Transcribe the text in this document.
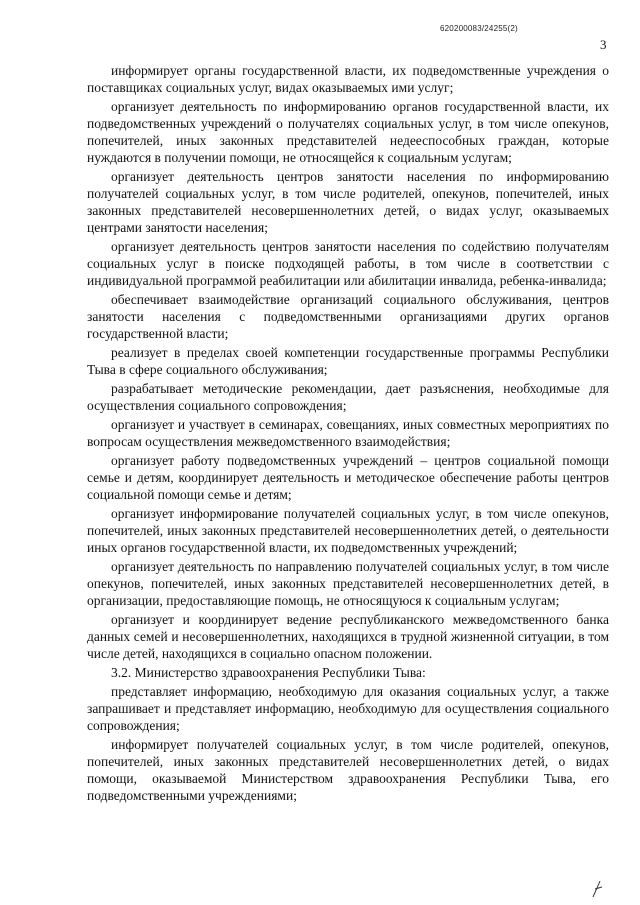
620200083/24255(2)
3

информирует органы государственной власти, их подведомственные учреждения о поставщиках социальных услуг, видах оказываемых ими услуг;

организует деятельность по информированию органов государственной власти, их подведомственных учреждений о получателях социальных услуг, в том числе опекунов, попечителей, иных законных представителей недееспособных граждан, которые нуждаются в получении помощи, не относящейся к социальным услугам;

организует деятельность центров занятости населения по информированию получателей социальных услуг, в том числе родителей, опекунов, попечителей, иных законных представителей несовершеннолетних детей, о видах услуг, оказываемых центрами занятости населения;

организует деятельность центров занятости населения по содействию получателям социальных услуг в поиске подходящей работы, в том числе в соответствии с индивидуальной программой реабилитации или абилитации инвалида, ребенка-инвалида;

обеспечивает взаимодействие организаций социального обслуживания, центров занятости населения с подведомственными организациями других органов государственной власти;

реализует в пределах своей компетенции государственные программы Республики Тыва в сфере социального обслуживания;

разрабатывает методические рекомендации, дает разъяснения, необходимые для осуществления социального сопровождения;

организует и участвует в семинарах, совещаниях, иных совместных мероприятиях по вопросам осуществления межведомственного взаимодействия;

организует работу подведомственных учреждений – центров социальной помощи семье и детям, координирует деятельность и методическое обеспечение работы центров социальной помощи семье и детям;

организует информирование получателей социальных услуг, в том числе опекунов, попечителей, иных законных представителей несовершеннолетних детей, о деятельности иных органов государственной власти, их подведомственных учреждений;

организует деятельность по направлению получателей социальных услуг, в том числе опекунов, попечителей, иных законных представителей несовершеннолетних детей, в организации, предоставляющие помощь, не относящуюся к социальным услугам;

организует и координирует ведение республиканского межведомственного банка данных семей и несовершеннолетних, находящихся в трудной жизненной ситуации, в том числе детей, находящихся в социально опасном положении.

3.2. Министерство здравоохранения Республики Тыва:

представляет информацию, необходимую для оказания социальных услуг, а также запрашивает и представляет информацию, необходимую для осуществления социального сопровождения;

информирует получателей социальных услуг, в том числе родителей, опекунов, попечителей, иных законных представителей несовершеннолетних детей, о видах помощи, оказываемой Министерством здравоохранения Республики Тыва, его подведомственными учреждениями;
